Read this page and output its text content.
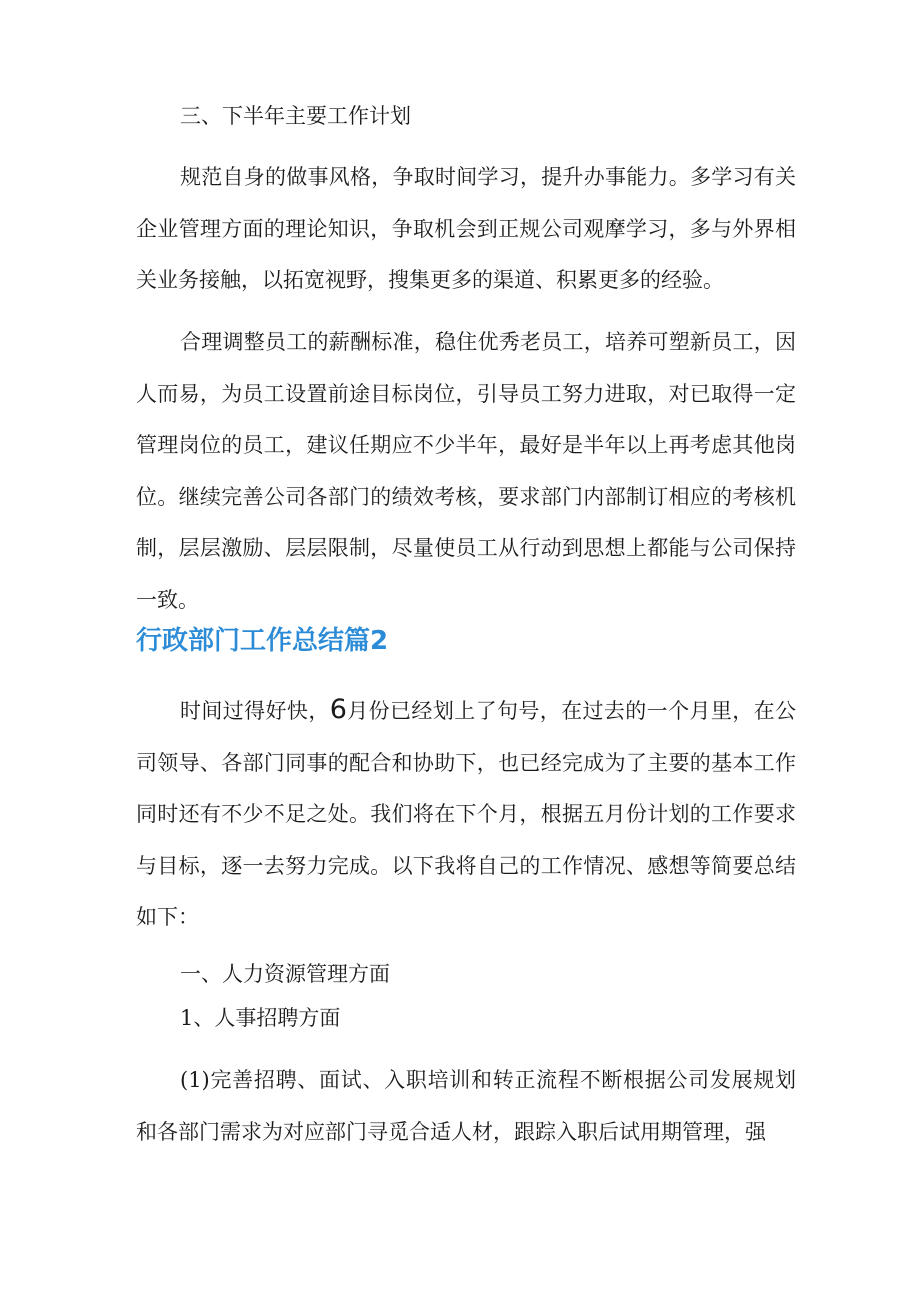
三、下半年主要工作计划

规范自身的做事风格，争取时间学习，提升办事能力。多学习有关企业管理方面的理论知识，争取机会到正规公司观摩学习，多与外界相关业务接触，以拓宽视野，搜集更多的渠道、积累更多的经验。

合理调整员工的薪酬标准，稳住优秀老员工，培养可塑新员工，因人而易，为员工设置前途目标岗位，引导员工努力进取，对已取得一定管理岗位的员工，建议任期应不少半年，最好是半年以上再考虑其他岗位。继续完善公司各部门的绩效考核，要求部门内部制订相应的考核机制，层层激励、层层限制，尽量使员工从行动到思想上都能与公司保持一致。

行政部门工作总结篇2

时间过得好快，6月份已经划上了句号，在过去的一个月里，在公司领导、各部门同事的配合和协助下，也已经完成为了主要的基本工作同时还有不少不足之处。我们将在下个月，根据五月份计划的工作要求与目标，逐一去努力完成。以下我将自己的工作情况、感想等简要总结如下：

一、人力资源管理方面
1、人事招聘方面

(1)完善招聘、面试、入职培训和转正流程不断根据公司发展规划和各部门需求为对应部门寻觅合适人材，跟踪入职后试用期管理，强
